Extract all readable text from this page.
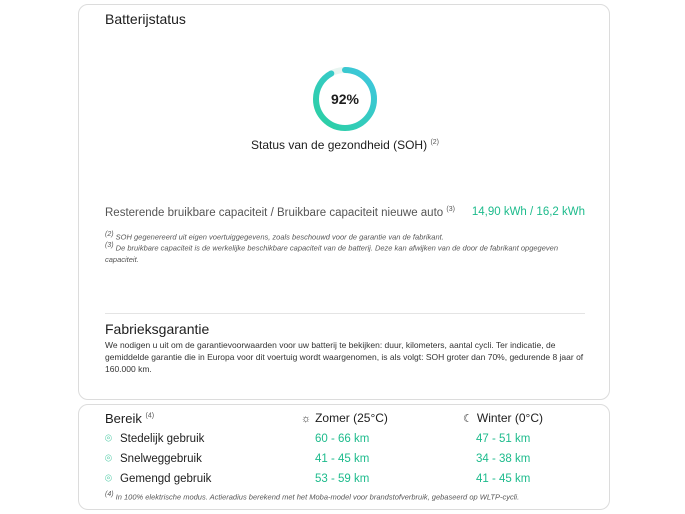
Batterijstatus
92%
Status van de gezondheid (SOH) $^{(2)}$
Resterende bruikbare capaciteit / Bruikbare capaciteit nieuwe auto $^{(3)}$ 14,90 kWh / 16,2 kWh
$^{(2)}$ SOH gegenereerd uit eigen voertuiggegevens, zoals beschouwd voor de garantie van de fabrikant.
$^{(3)}$ De bruikbare capaciteit is de werkelijke beschikbare capaciteit van de batterij. Deze kan afwijken van de door de fabrikant opgegeven capaciteit.
Fabrieksgarantie
We nodigen u uit om de garantievoorwaarden voor uw batterij te bekijken: duur, kilometers, aantal cycli. Ter indicatie, de gemiddelde garantie die in Europa voor dit voertuig wordt waargenomen, is als volgt: SOH groter dan 70%, gedurende 8 jaar of 160.000 km.
Bereik $^{(4)}$	☼ Zomer (25°C)	☾ Winter (0°C)
⌾ Stedelijk gebruik	60 - 66 km	47 - 51 km
⌾ Snelweggebruik	41 - 45 km	34 - 38 km
⌾ Gemengd gebruik	53 - 59 km	41 - 45 km
$^{(4)}$ In 100% elektrische modus. Actieradius berekend met het Moba-model voor brandstofverbruik, gebaseerd op WLTP-cycli.
